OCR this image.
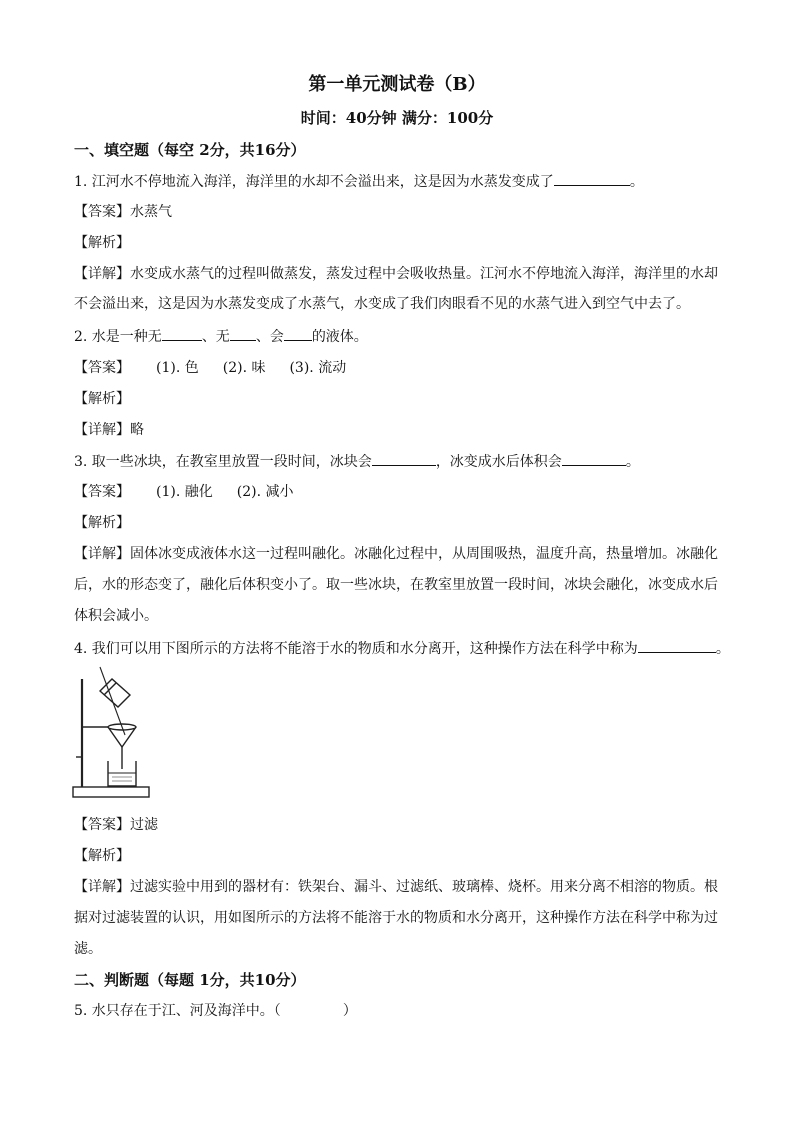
第一单元测试卷（B）
时间：40分钟 满分：100分
一、填空题（每空 2分，共16分）
1. 江河水不停地流入海洋，海洋里的水却不会溢出来，这是因为水蒸发变成了	。
【答案】水蒸气
【解析】
【详解】水变成水蒸气的过程叫做蒸发，蒸发过程中会吸收热量。江河水不停地流入海洋，海洋里的水却
不会溢出来，这是因为水蒸发变成了水蒸气，水变成了我们肉眼看不见的水蒸气进入到空气中去了。
2. 水是一种无	、无 、会 的液体。
【答案】 (1). 色 (2). 味 (3). 流动
【解析】
【详解】略
3. 取一些冰块，在教室里放置一段时间，冰块会	，冰变成水后体积会	。
【答案】 (1). 融化 (2). 减小
【解析】
【详解】固体冰变成液体水这一过程叫融化。冰融化过程中，从周围吸热，温度升高，热量增加。冰融化
后，水的形态变了，融化后体积变小了。取一些冰块，在教室里放置一段时间，冰块会融化，冰变成水后
体积会减小。
4. 我们可以用下图所示的方法将不能溶于水的物质和水分离开，这种操作方法在科学中称为	。
【答案】过滤
【解析】
【详解】过滤实验中用到的器材有：铁架台、漏斗、过滤纸、玻璃棒、烧杯。用来分离不相溶的物质。根
据对过滤装置的认识，用如图所示的方法将不能溶于水的物质和水分离开，这种操作方法在科学中称为过
滤。
二、判断题（每题 1分，共10分）
5. 水只存在于江、河及海洋中。（	）
